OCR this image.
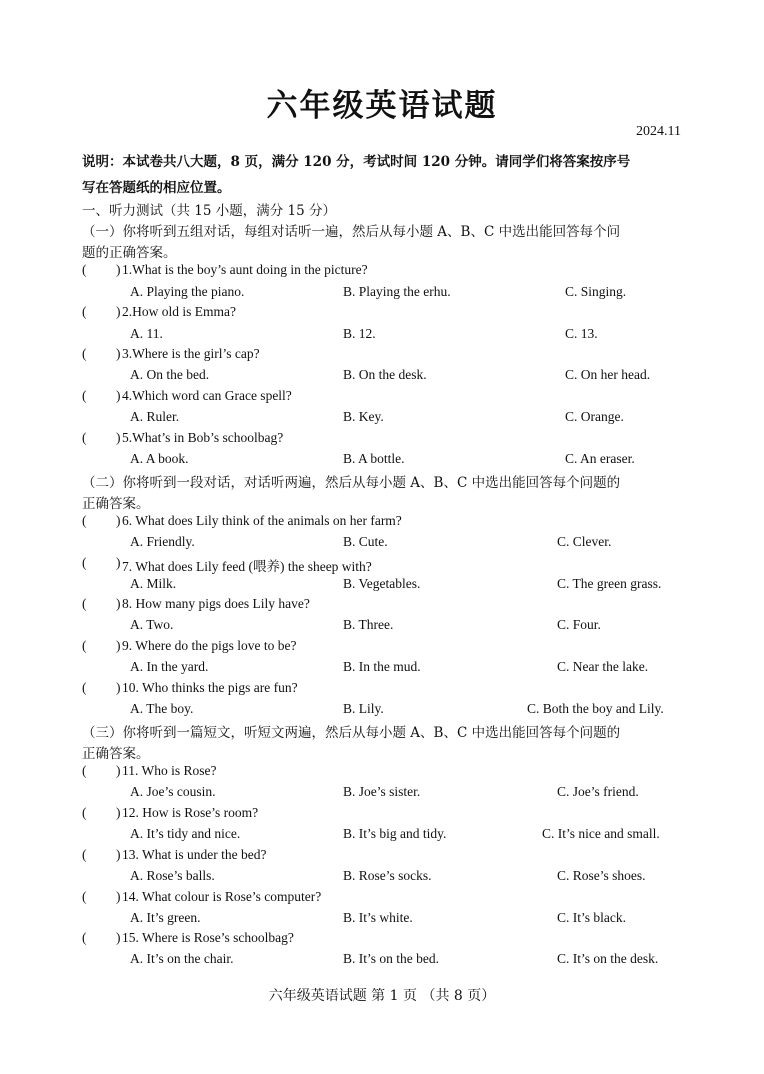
六年级英语试题
2024.11
说明：本试卷共八大题，8 页，满分 120 分，考试时间 120 分钟。请同学们将答案按序号
写在答题纸的相应位置。
一、听力测试（共 15 小题，满分 15 分）
（一）你将听到五组对话，每组对话听一遍，然后从每小题 A、B、C 中选出能回答每个问
题的正确答案。
( ) 1.What is the boy’s aunt doing in the picture?
A. Playing the piano.	B. Playing the erhu.	C. Singing.
( ) 2.How old is Emma?
A. 11.	B. 12.	C. 13.
( ) 3.Where is the girl’s cap?
A. On the bed.	B. On the desk.	C. On her head.
( ) 4.Which word can Grace spell?
A. Ruler.	B. Key.	C. Orange.
( ) 5.What’s in Bob’s schoolbag?
A. A book.	B. A bottle.	C. An eraser.
（二）你将听到一段对话，对话听两遍，然后从每小题 A、B、C 中选出能回答每个问题的
正确答案。
( ) 6. What does Lily think of the animals on her farm?
A. Friendly.	B. Cute.	C. Clever.
( ) 7. What does Lily feed (喂养) the sheep with?
A. Milk.	B. Vegetables.	C. The green grass.
( ) 8. How many pigs does Lily have?
A. Two.	B. Three.	C. Four.
( ) 9. Where do the pigs love to be?
A. In the yard.	B. In the mud.	C. Near the lake.
( ) 10. Who thinks the pigs are fun?
A. The boy.	B. Lily.	C. Both the boy and Lily.
（三）你将听到一篇短文，听短文两遍，然后从每小题 A、B、C 中选出能回答每个问题的
正确答案。
( ) 11. Who is Rose?
A. Joe’s cousin.	B. Joe’s sister.	C. Joe’s friend.
( ) 12. How is Rose’s room?
A. It’s tidy and nice.	B. It’s big and tidy.	C. It’s nice and small.
( ) 13. What is under the bed?
A. Rose’s balls.	B. Rose’s socks.	C. Rose’s shoes.
( ) 14. What colour is Rose’s computer?
A. It’s green.	B. It’s white.	C. It’s black.
( ) 15. Where is Rose’s schoolbag?
A. It’s on the chair.	B. It’s on the bed.	C. It’s on the desk.
六年级英语试题 第 1 页 （共 8 页）
